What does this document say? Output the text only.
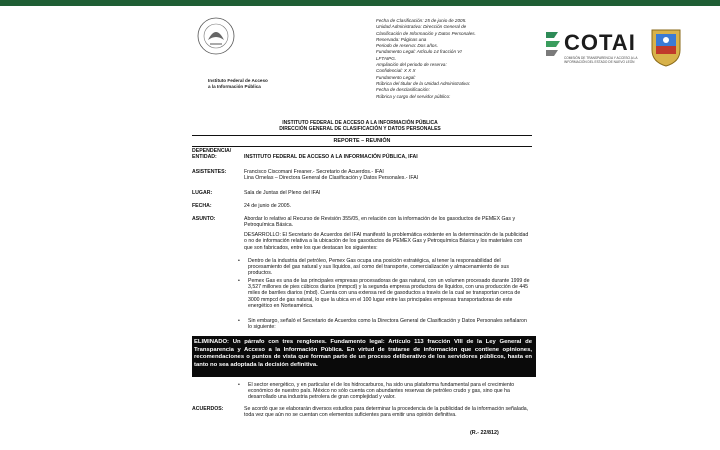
Instituto Federal de Acceso
a la Información Pública
Fecha de Clasificación: 25 de junio de 2005.
Unidad Administrativa: Dirección General de
Clasificación de Información y Datos Personales.
Reservada: Páginas una
Periodo de reserva: Dos años.
Fundamento Legal: Artículo 14 fracción VI
LFTAIPG.
Ampliación del periodo de reserva:
Confidencial: X X X
Fundamento Legal:
Rúbrica del titular de la Unidad Administrativa:
Fecha de desclasificación:
Rúbrica y cargo del servidor público:
INSTITUTO FEDERAL DE ACCESO A LA INFORMACIÓN PÚBLICA
DIRECCIÓN GENERAL DE CLASIFICACIÓN Y DATOS PERSONALES
REPORTE – REUNIÓN
DEPENDENCIA/ ENTIDAD:	INSTITUTO FEDERAL DE ACCESO A LA INFORMACIÓN PÚBLICA, IFAI
ASISTENTES:	Francisco Ciscomani Freaner.- Secretario de Acuerdos.- IFAI
Lina Ornelas – Directora General de Clasificación y Datos Personales.- IFAI
LUGAR:	Sala de Juntas del Pleno del IFAI
FECHA:	24 de junio de 2005.
ASUNTO:	Abordar lo relativo al Recurso de Revisión 355/05, en relación con la información de los gasoductos de PEMEX Gas y Petroquímica Básica.
DESARROLLO: El Secretario de Acuerdos del IFAI manifestó la problemática existente en la determinación de la publicidad o no de información relativa a la ubicación de los gasoductos de PEMEX Gas y Petroquímica Básica y los materiales con que son fabricados, entre los que destacan los siguientes:
• Dentro de la industria del petróleo, Pemex Gas ocupa una posición estratégica, al tener la responsabilidad del procesamiento del gas natural y sus líquidos, así como del transporte, comercialización y almacenamiento de sus productos.
• Pemex Gas es una de las principales empresas procesadoras de gas natural, con un volumen procesado durante 1999 de 3,527 millones de pies cúbicos diarios (mmpcd) y la segunda empresa productora de líquidos, con una producción de 445 miles de barriles diarios (mbd). Cuenta con una extensa red de gasoductos a través de la cual se transportan cerca de 3000 mmpcd de gas natural, lo que la ubica en el 100 lugar entre las principales empresas transportadoras de este energético en Norteamérica.
• Sin embargo, señaló el Secretario de Acuerdos como la Directora General de Clasificación y Datos Personales señalaron lo siguiente:
ELIMINADO: Un párrafo con tres renglones. Fundamento legal: Artículo 113 fracción VIII de la Ley General de Transparencia y Acceso a la Información Pública. En virtud de tratarse de información que contiene opiniones, recomendaciones o puntos de vista que forman parte de un proceso deliberativo de los servidores públicos, hasta en tanto no sea adoptada la decisión definitiva.
• El sector energético, y en particular el de los hidrocarburos, ha sido una plataforma fundamental para el crecimiento económico de nuestro país. México no sólo cuenta con abundantes reservas de petróleo crudo y gas, sino que ha desarrollado una industria petrolera de gran complejidad y valor.
ACUERDOS:	Se acordó que se elaborarán diversos estudios para determinar la procedencia de la publicidad de la información señalada, toda vez que aún no se cuentan con elementos suficientes para emitir una opinión definitiva.
(R.- 22/812)
COTAI
COMISIÓN DE TRANSPARENCIA Y ACCESO A LA INFORMACIÓN DEL ESTADO DE NUEVO LEÓN
